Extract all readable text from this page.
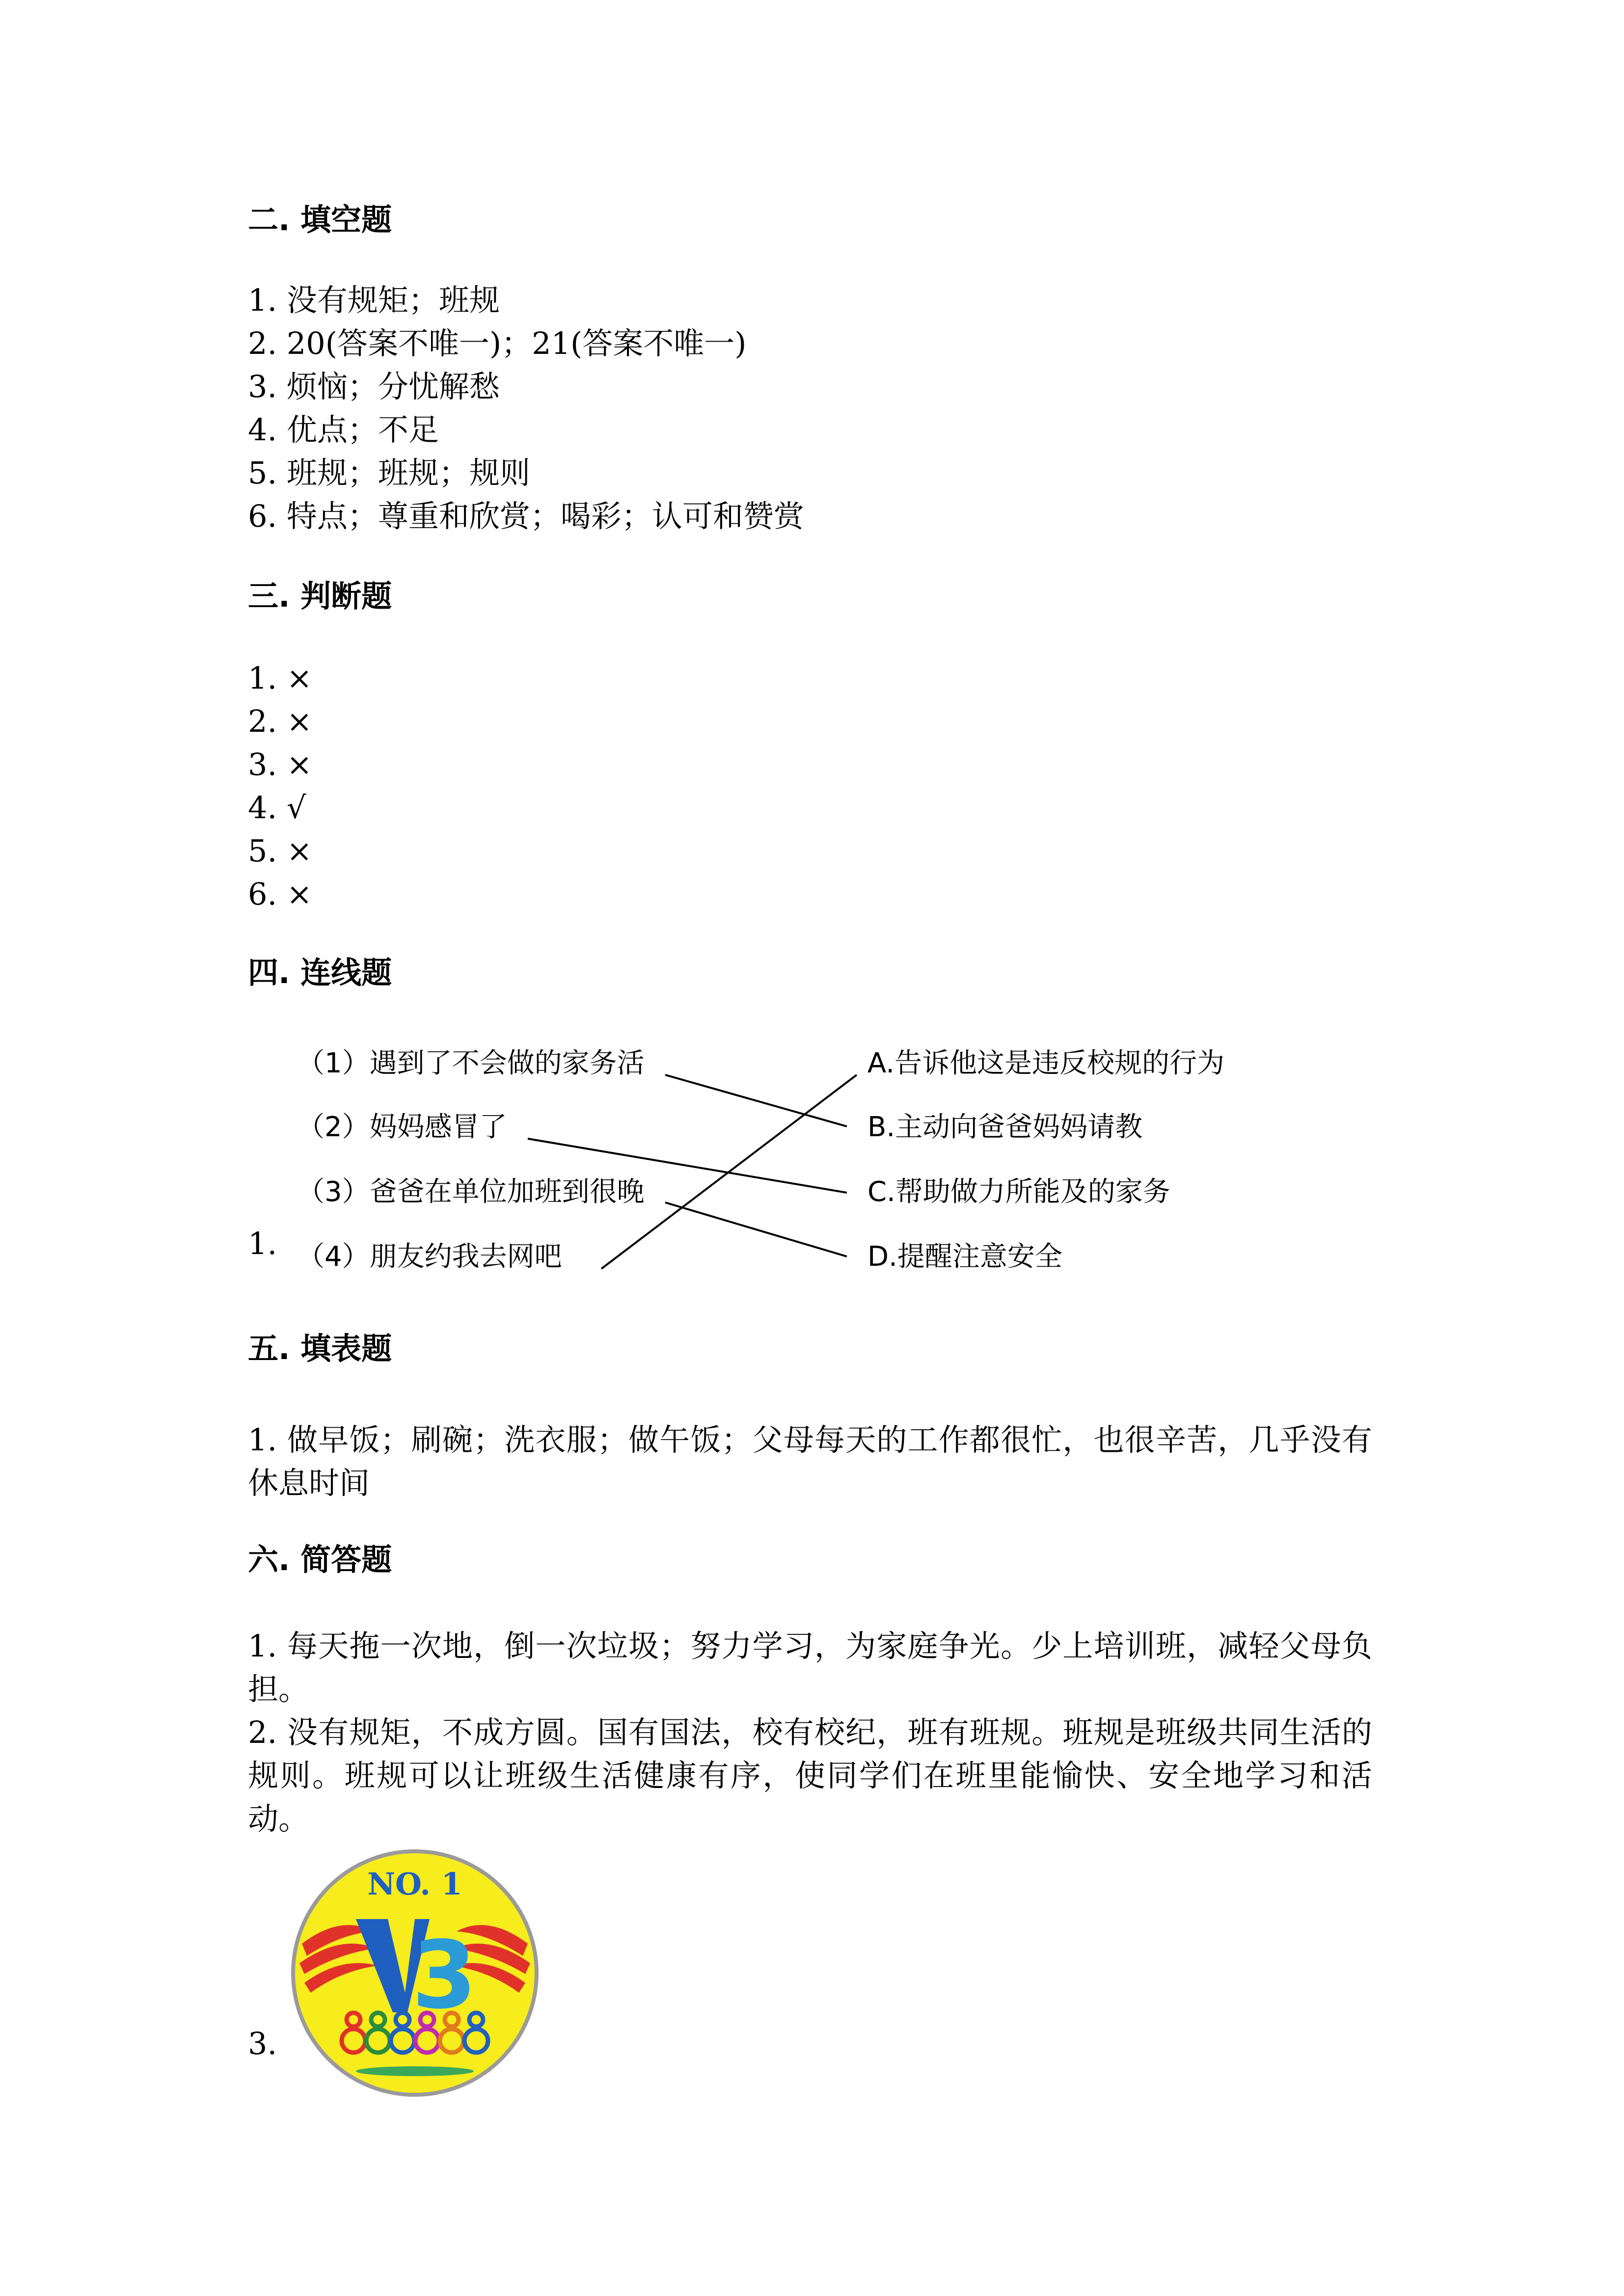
二. 填空题
1. 没有规矩；班规
2. 20(答案不唯一)；21(答案不唯一)
3. 烦恼；分忧解愁
4. 优点；不足
5. 班规；班规；规则
6. 特点；尊重和欣赏；喝彩；认可和赞赏
三. 判断题
1. ×
2. ×
3. ×
4. √
5. ×
6. ×
四. 连线题
1.
（1）遇到了不会做的家务活
（2）妈妈感冒了
（3）爸爸在单位加班到很晚
（4）朋友约我去网吧
A.告诉他这是违反校规的行为
B.主动向爸爸妈妈请教
C.帮助做力所能及的家务
D.提醒注意安全
五. 填表题
1. 做早饭；刷碗；洗衣服；做午饭；父母每天的工作都很忙，也很辛苦，几乎没有休息时间
六. 简答题
1. 每天拖一次地，倒一次垃圾；努力学习，为家庭争光。少上培训班，减轻父母负担。
2. 没有规矩，不成方圆。国有国法，校有校纪，班有班规。班规是班级共同生活的规则。班规可以让班级生活健康有序，使同学们在班里能愉快、安全地学习和活动。
3.
NO. 1
3
